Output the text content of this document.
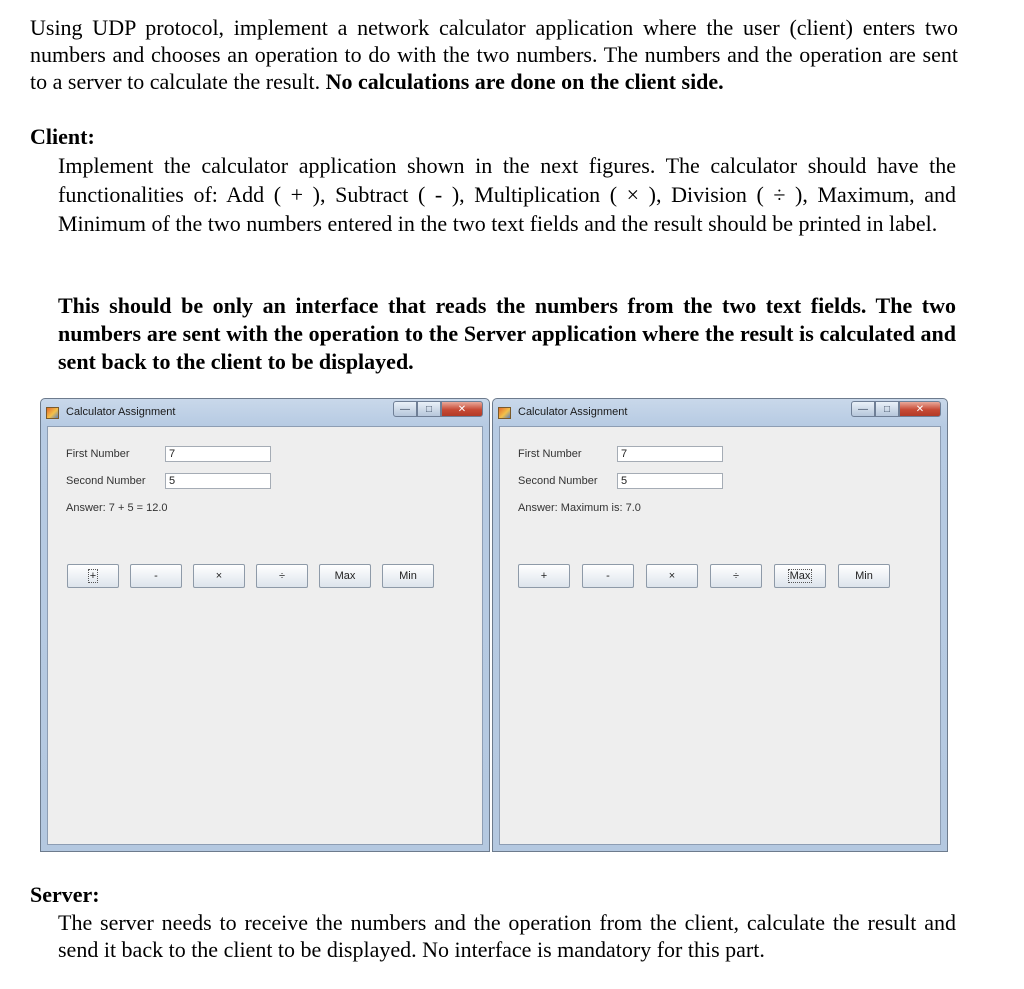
Using UDP protocol, implement a network calculator application where the user (client) enters two numbers and chooses an operation to do with the two numbers. The numbers and the operation are sent to a server to calculate the result. No calculations are done on the client side.

Client:

Implement the calculator application shown in the next figures. The calculator should have the functionalities of: Add ( + ), Subtract ( - ), Multiplication ( × ), Division ( ÷ ), Maximum, and Minimum of the two numbers entered in the two text fields and the result should be printed in label.

This should be only an interface that reads the numbers from the two text fields. The two numbers are sent with the operation to the Server application where the result is calculated and sent back to the client to be displayed.

Calculator Assignment	—	□	✕
First Number	7
Second Number	5
Answer: 7 + 5 = 12.0
+	-	×	÷	Max	Min
Calculator Assignment	—	□	✕
First Number	7
Second Number	5
Answer: Maximum is: 7.0
+	-	×	÷	Max	Min

Server:

The server needs to receive the numbers and the operation from the client, calculate the result and send it back to the client to be displayed. No interface is mandatory for this part.
